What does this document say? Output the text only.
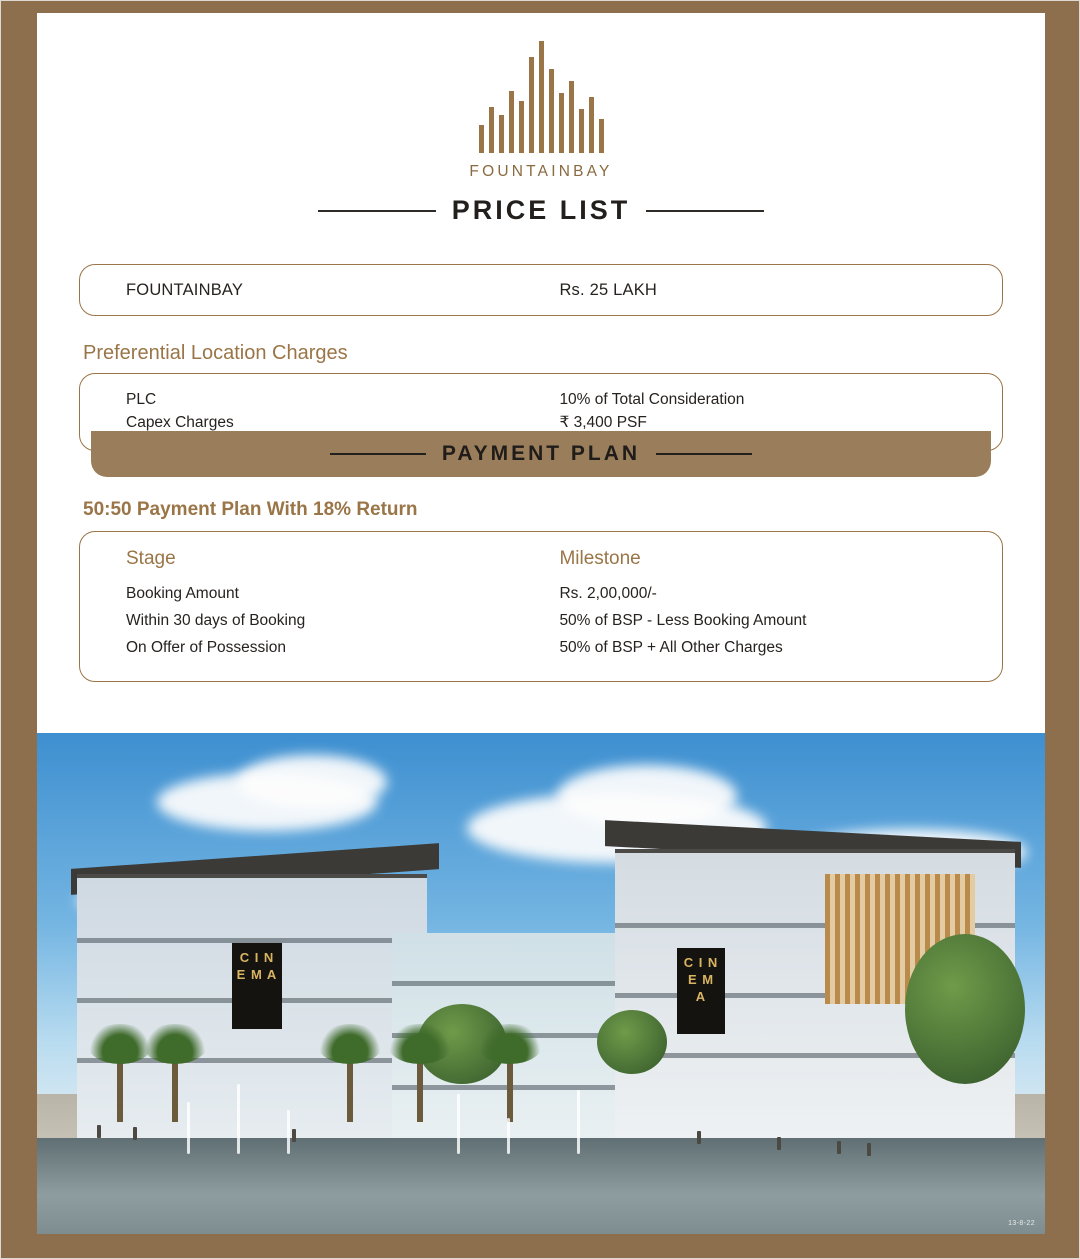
FOUNTAINBAY
PRICE LIST
FOUNTAINBAY	Rs. 25 LAKH
Preferential Location Charges
PLC	10% of Total Consideration
Capex Charges	₹ 3,400 PSF
PAYMENT PLAN
50:50 Payment Plan With 18% Return
Stage	Milestone
Booking Amount	Rs. 2,00,000/-
Within 30 days of Booking	50% of BSP - Less Booking Amount
On Offer of Possession	50% of BSP + All Other Charges
C I N E M A
C I N E M A
13-8-22
